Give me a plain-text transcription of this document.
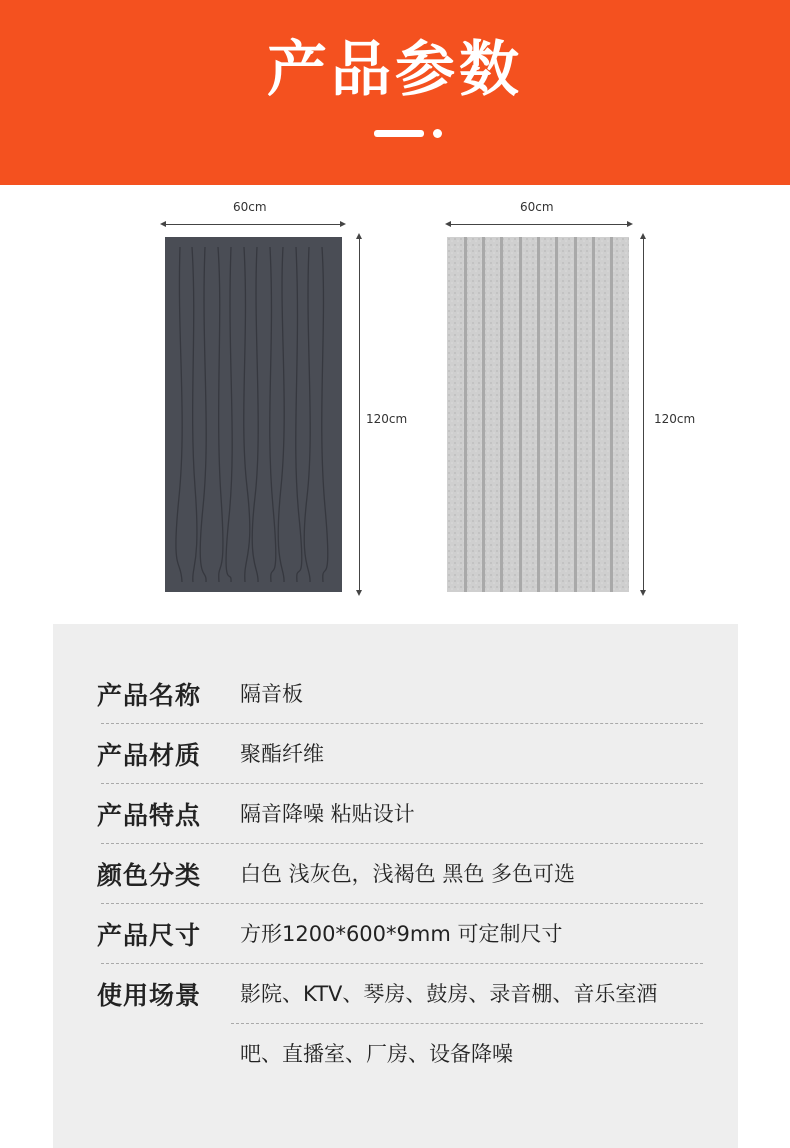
产品参数
60cm
120cm
60cm
120cm
产品名称 隔音板
产品材质 聚酯纤维
产品特点 隔音降噪 粘贴设计
颜色分类 白色 浅灰色，浅褐色 黑色 多色可选
产品尺寸 方形1200*600*9mm 可定制尺寸
使用场景 影院、KTV、琴房、鼓房、录音棚、音乐室酒
吧、直播室、厂房、设备降噪
